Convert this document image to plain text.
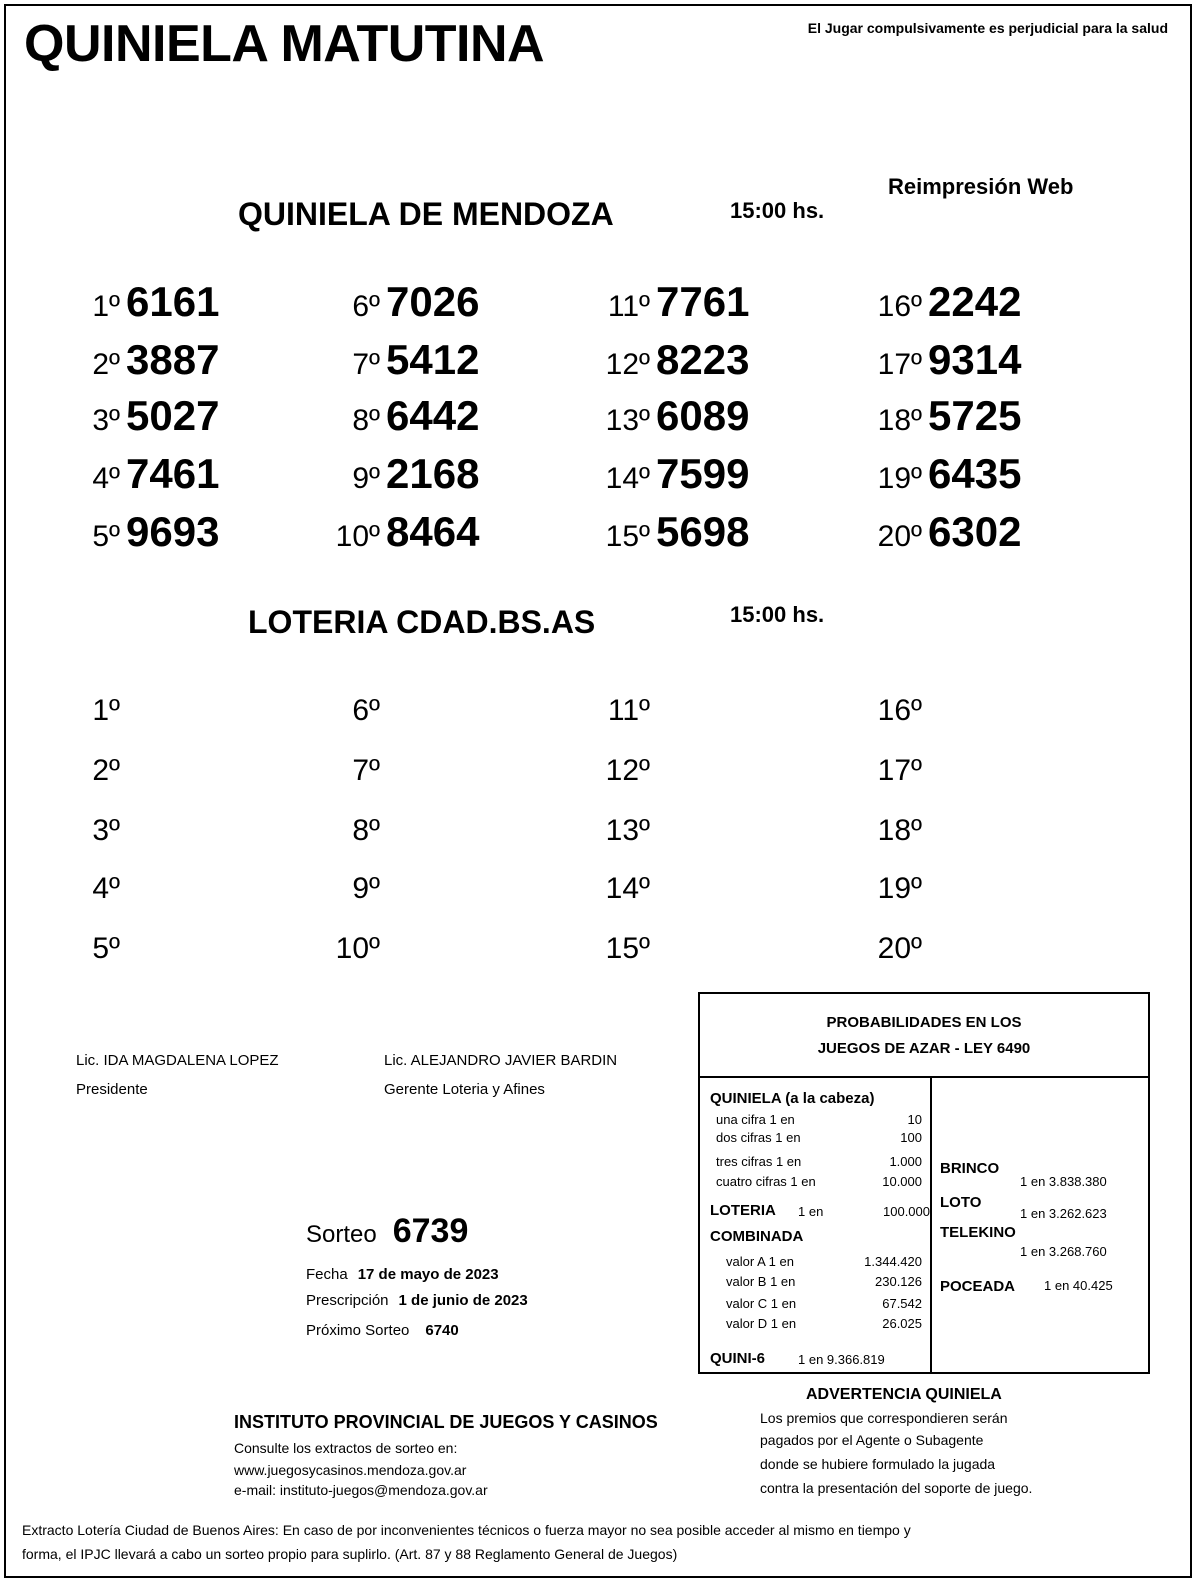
QUINIELA MATUTINA	El Jugar compulsivamente es perjudicial para la salud
Reimpresión Web
QUINIELA DE MENDOZA	15:00 hs.
1º 6161
2º 3887
3º 5027
4º 7461
5º 9693
6º 7026
7º 5412
8º 6442
9º 2168
10º 8464
11º 7761
12º 8223
13º 6089
14º 7599
15º 5698
16º 2242
17º 9314
18º 5725
19º 6435
20º 6302
LOTERIA CDAD.BS.AS	15:00 hs.
1º
2º
3º
4º
5º
6º
7º
8º
9º
10º
11º
12º
13º
14º
15º
16º
17º
18º
19º
20º
Lic. IDA MAGDALENA LOPEZ
Presidente
Lic. ALEJANDRO JAVIER BARDIN
Gerente Loteria y Afines
Sorteo 6739
Fecha 17 de mayo de 2023
Prescripción 1 de junio de 2023
Próximo Sorteo 6740
PROBABILIDADES EN LOS
JUEGOS DE AZAR - LEY 6490
QUINIELA (a la cabeza)
una cifra 1 en	10
dos cifras 1 en	100
tres cifras 1 en	1.000
cuatro cifras 1 en	10.000
LOTERIA 1 en	100.000
COMBINADA
valor A 1 en	1.344.420
valor B 1 en	230.126
valor C 1 en	67.542
valor D 1 en	26.025
QUINI-6	1 en 9.366.819
BRINCO
1 en 3.838.380
LOTO
1 en 3.262.623
TELEKINO
1 en 3.268.760
POCEADA 1 en 40.425
INSTITUTO PROVINCIAL DE JUEGOS Y CASINOS
Consulte los extractos de sorteo en:
www.juegosycasinos.mendoza.gov.ar
e-mail: instituto-juegos@mendoza.gov.ar
ADVERTENCIA QUINIELA
Los premios que correspondieren serán
pagados por el Agente o Subagente
donde se hubiere formulado la jugada
contra la presentación del soporte de juego.
Extracto Lotería Ciudad de Buenos Aires: En caso de por inconvenientes técnicos o fuerza mayor no sea posible acceder al mismo en tiempo y
forma, el IPJC llevará a cabo un sorteo propio para suplirlo. (Art. 87 y 88 Reglamento General de Juegos)
